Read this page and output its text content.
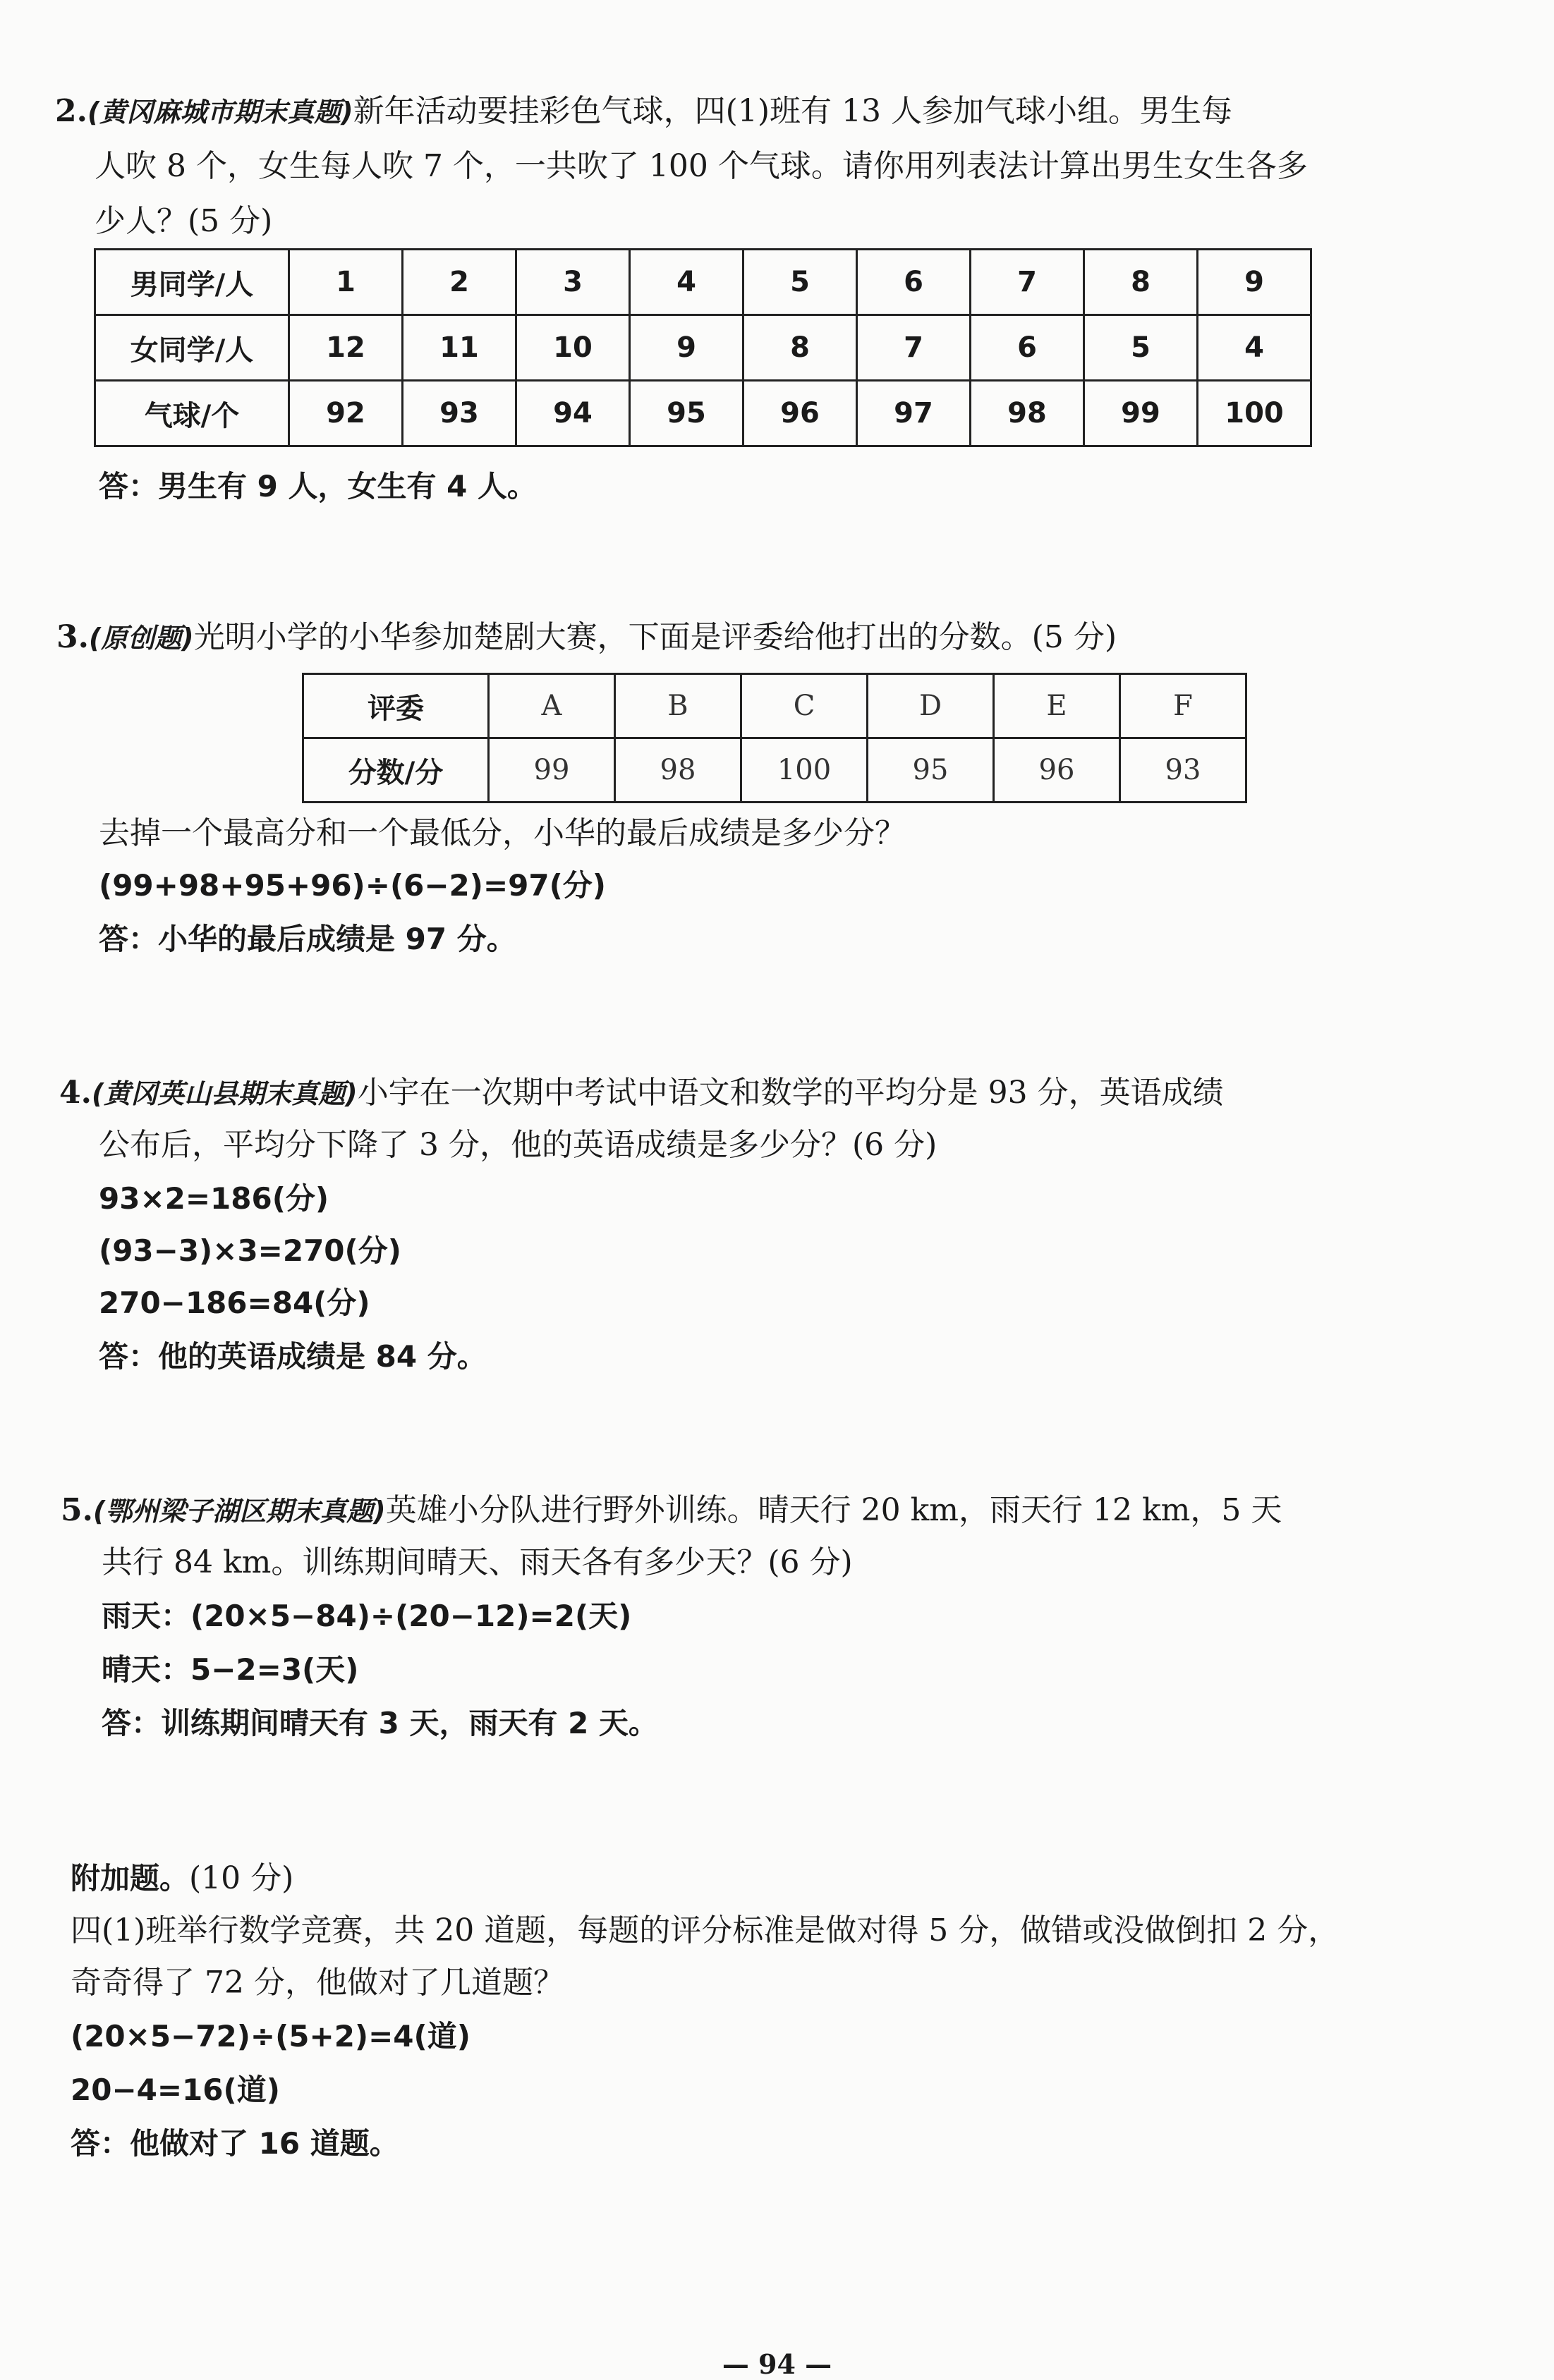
2.(黄冈麻城市期末真题)新年活动要挂彩色气球，四(1)班有 13 人参加气球小组。男生每
人吹 8 个，女生每人吹 7 个，一共吹了 100 个气球。请你用列表法计算出男生女生各多
少人？(5 分)
男同学/人	1	2	3	4	5	6	7	8	9
女同学/人	12	11	10	9	8	7	6	5	4
气球/个	92	93	94	95	96	97	98	99	100
答：男生有 9 人，女生有 4 人。
3.(原创题)光明小学的小华参加楚剧大赛，下面是评委给他打出的分数。(5 分)
评委	A	B	C	D	E	F
分数/分	99	98	100	95	96	93
去掉一个最高分和一个最低分，小华的最后成绩是多少分？
(99+98+95+96)÷(6−2)=97(分)
答：小华的最后成绩是 97 分。
4.(黄冈英山县期末真题)小宇在一次期中考试中语文和数学的平均分是 93 分，英语成绩
公布后，平均分下降了 3 分，他的英语成绩是多少分？(6 分)
93×2=186(分)
(93−3)×3=270(分)
270−186=84(分)
答：他的英语成绩是 84 分。
5.(鄂州梁子湖区期末真题)英雄小分队进行野外训练。晴天行 20 km，雨天行 12 km，5 天
共行 84 km。训练期间晴天、雨天各有多少天？(6 分)
雨天：(20×5−84)÷(20−12)=2(天)
晴天：5−2=3(天)
答：训练期间晴天有 3 天，雨天有 2 天。
附加题。(10 分)
四(1)班举行数学竞赛，共 20 道题，每题的评分标准是做对得 5 分，做错或没做倒扣 2 分，
奇奇得了 72 分，他做对了几道题？
(20×5−72)÷(5+2)=4(道)
20−4=16(道)
答：他做对了 16 道题。
— 94 —
